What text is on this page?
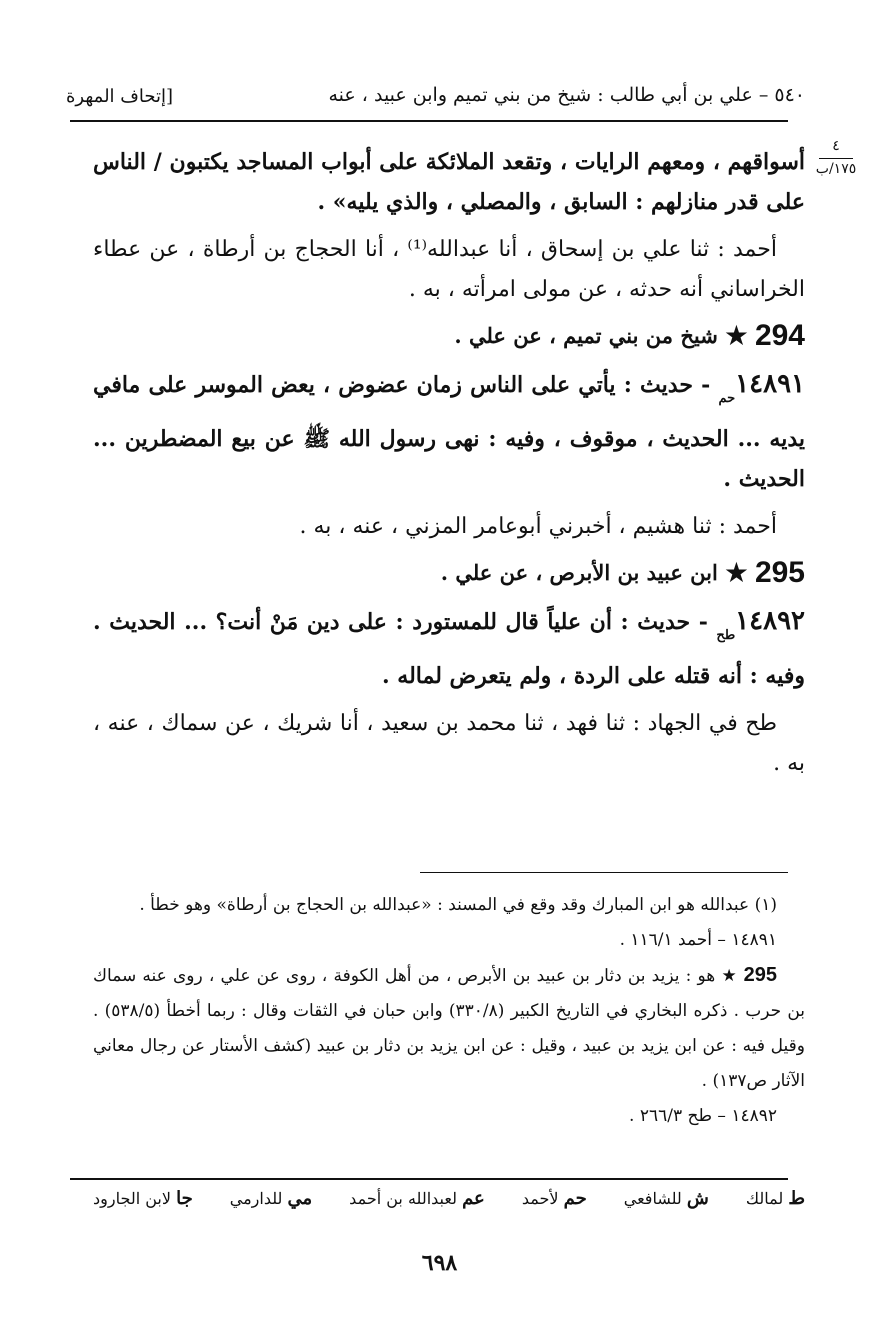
٥٤٠ – علي بن أبي طالب : شيخ من بني تميم وابن عبيد ، عنه
[إتحاف المهرة
٤
١٧٥/ب

أسواقهم ، ومعهم الرايات ، وتقعد الملائكة على أبواب المساجد يكتبون / الناس على قدر منازلهم : السابق ، والمصلي ، والذي يليه» .

أحمد : ثنا علي بن إسحاق ، أنا عبدالله⁽¹⁾ ، أنا الحجاج بن أرطاة ، عن عطاء الخراساني أنه حدثه ، عن مولى امرأته ، به .

294
★
شيخ من بني تميم ، عن علي .

$١٤٨٩١_{حم}$ - حديث : يأتي على الناس زمان عضوض ، يعض الموسر على مافي يديه ... الحديث ، موقوف ، وفيه : نهى رسول الله ﷺ عن بيع المضطرين ... الحديث .

أحمد : ثنا هشيم ، أخبرني أبوعامر المزني ، عنه ، به .

295
★
ابن عبيد بن الأبرص ، عن علي .

$١٤٨٩٢_{طح}$ - حديث : أن علياً قال للمستورد : على دين مَنْ أنت؟ ... الحديث . وفيه : أنه قتله على الردة ، ولم يتعرض لماله .

طح في الجهاد : ثنا فهد ، ثنا محمد بن سعيد ، أنا شريك ، عن سماك ، عنه ، به .

(١) عبدالله هو ابن المبارك وقد وقع في المسند : «عبدالله بن الحجاج بن أرطاة» وهو خطأ .

١٤٨٩١ – أحمد ١١٦/١ .

295 ★ هو : يزيد بن دثار بن عبيد بن الأبرص ، من أهل الكوفة ، روى عن علي ، روى عنه سماك بن حرب . ذكره البخاري في التاريخ الكبير (٣٣٠/٨) وابن حبان في الثقات وقال : ربما أخطأ (٥٣٨/٥) . وقيل فيه : عن ابن يزيد بن عبيد ، وقيل : عن ابن يزيد بن دثار بن عبيد (كشف الأستار عن رجال معاني الآثار ص١٣٧) .

١٤٨٩٢ – طح ٢٦٦/٣ .

ط لمالك
ش للشافعي
حم لأحمد
عم لعبدالله بن أحمد
مي للدارمي
جا لابن الجارود
٦٩٨
